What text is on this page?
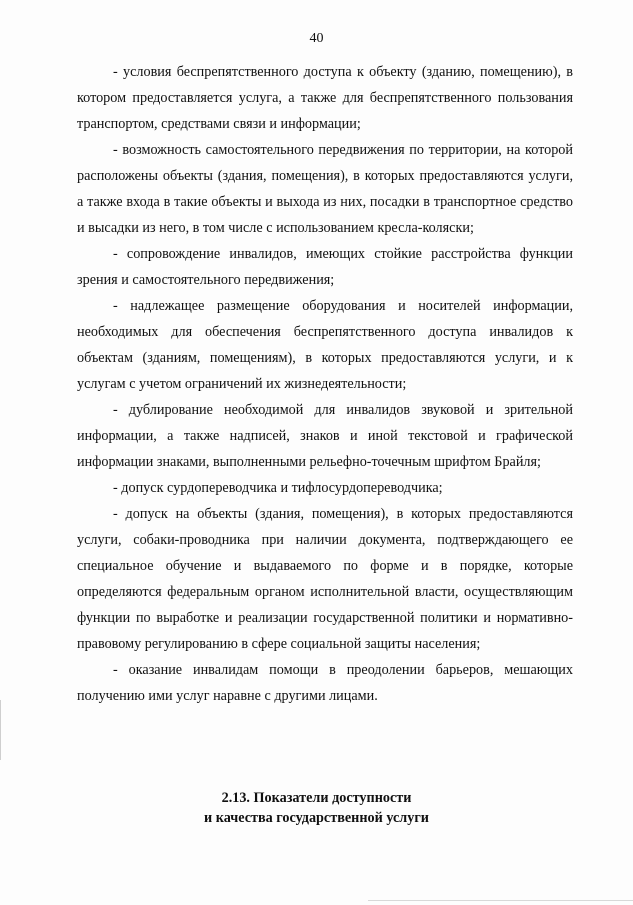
40

- условия беспрепятственного доступа к объекту (зданию, помещению), в котором предоставляется услуга, а также для беспрепятственного пользования транспортом, средствами связи и информации;

- возможность самостоятельного передвижения по территории, на которой расположены объекты (здания, помещения), в которых предоставляются услуги, а также входа в такие объекты и выхода из них, посадки в транспортное средство и высадки из него, в том числе с использованием кресла-коляски;

- сопровождение инвалидов, имеющих стойкие расстройства функции зрения и самостоятельного передвижения;

- надлежащее размещение оборудования и носителей информации, необходимых для обеспечения беспрепятственного доступа инвалидов к объектам (зданиям, помещениям), в которых предоставляются услуги, и к услугам с учетом ограничений их жизнедеятельности;

- дублирование необходимой для инвалидов звуковой и зрительной информации, а также надписей, знаков и иной текстовой и графической информации знаками, выполненными рельефно-точечным шрифтом Брайля;

- допуск сурдопереводчика и тифлосурдопереводчика;

- допуск на объекты (здания, помещения), в которых предоставляются услуги, собаки-проводника при наличии документа, подтверждающего ее специальное обучение и выдаваемого по форме и в порядке, которые определяются федеральным органом исполнительной власти, осуществляющим функции по выработке и реализации государственной политики и нормативно-правовому регулированию в сфере социальной защиты населения;

- оказание инвалидам помощи в преодолении барьеров, мешающих получению ими услуг наравне с другими лицами.

2.13. Показатели доступности
и качества государственной услуги
